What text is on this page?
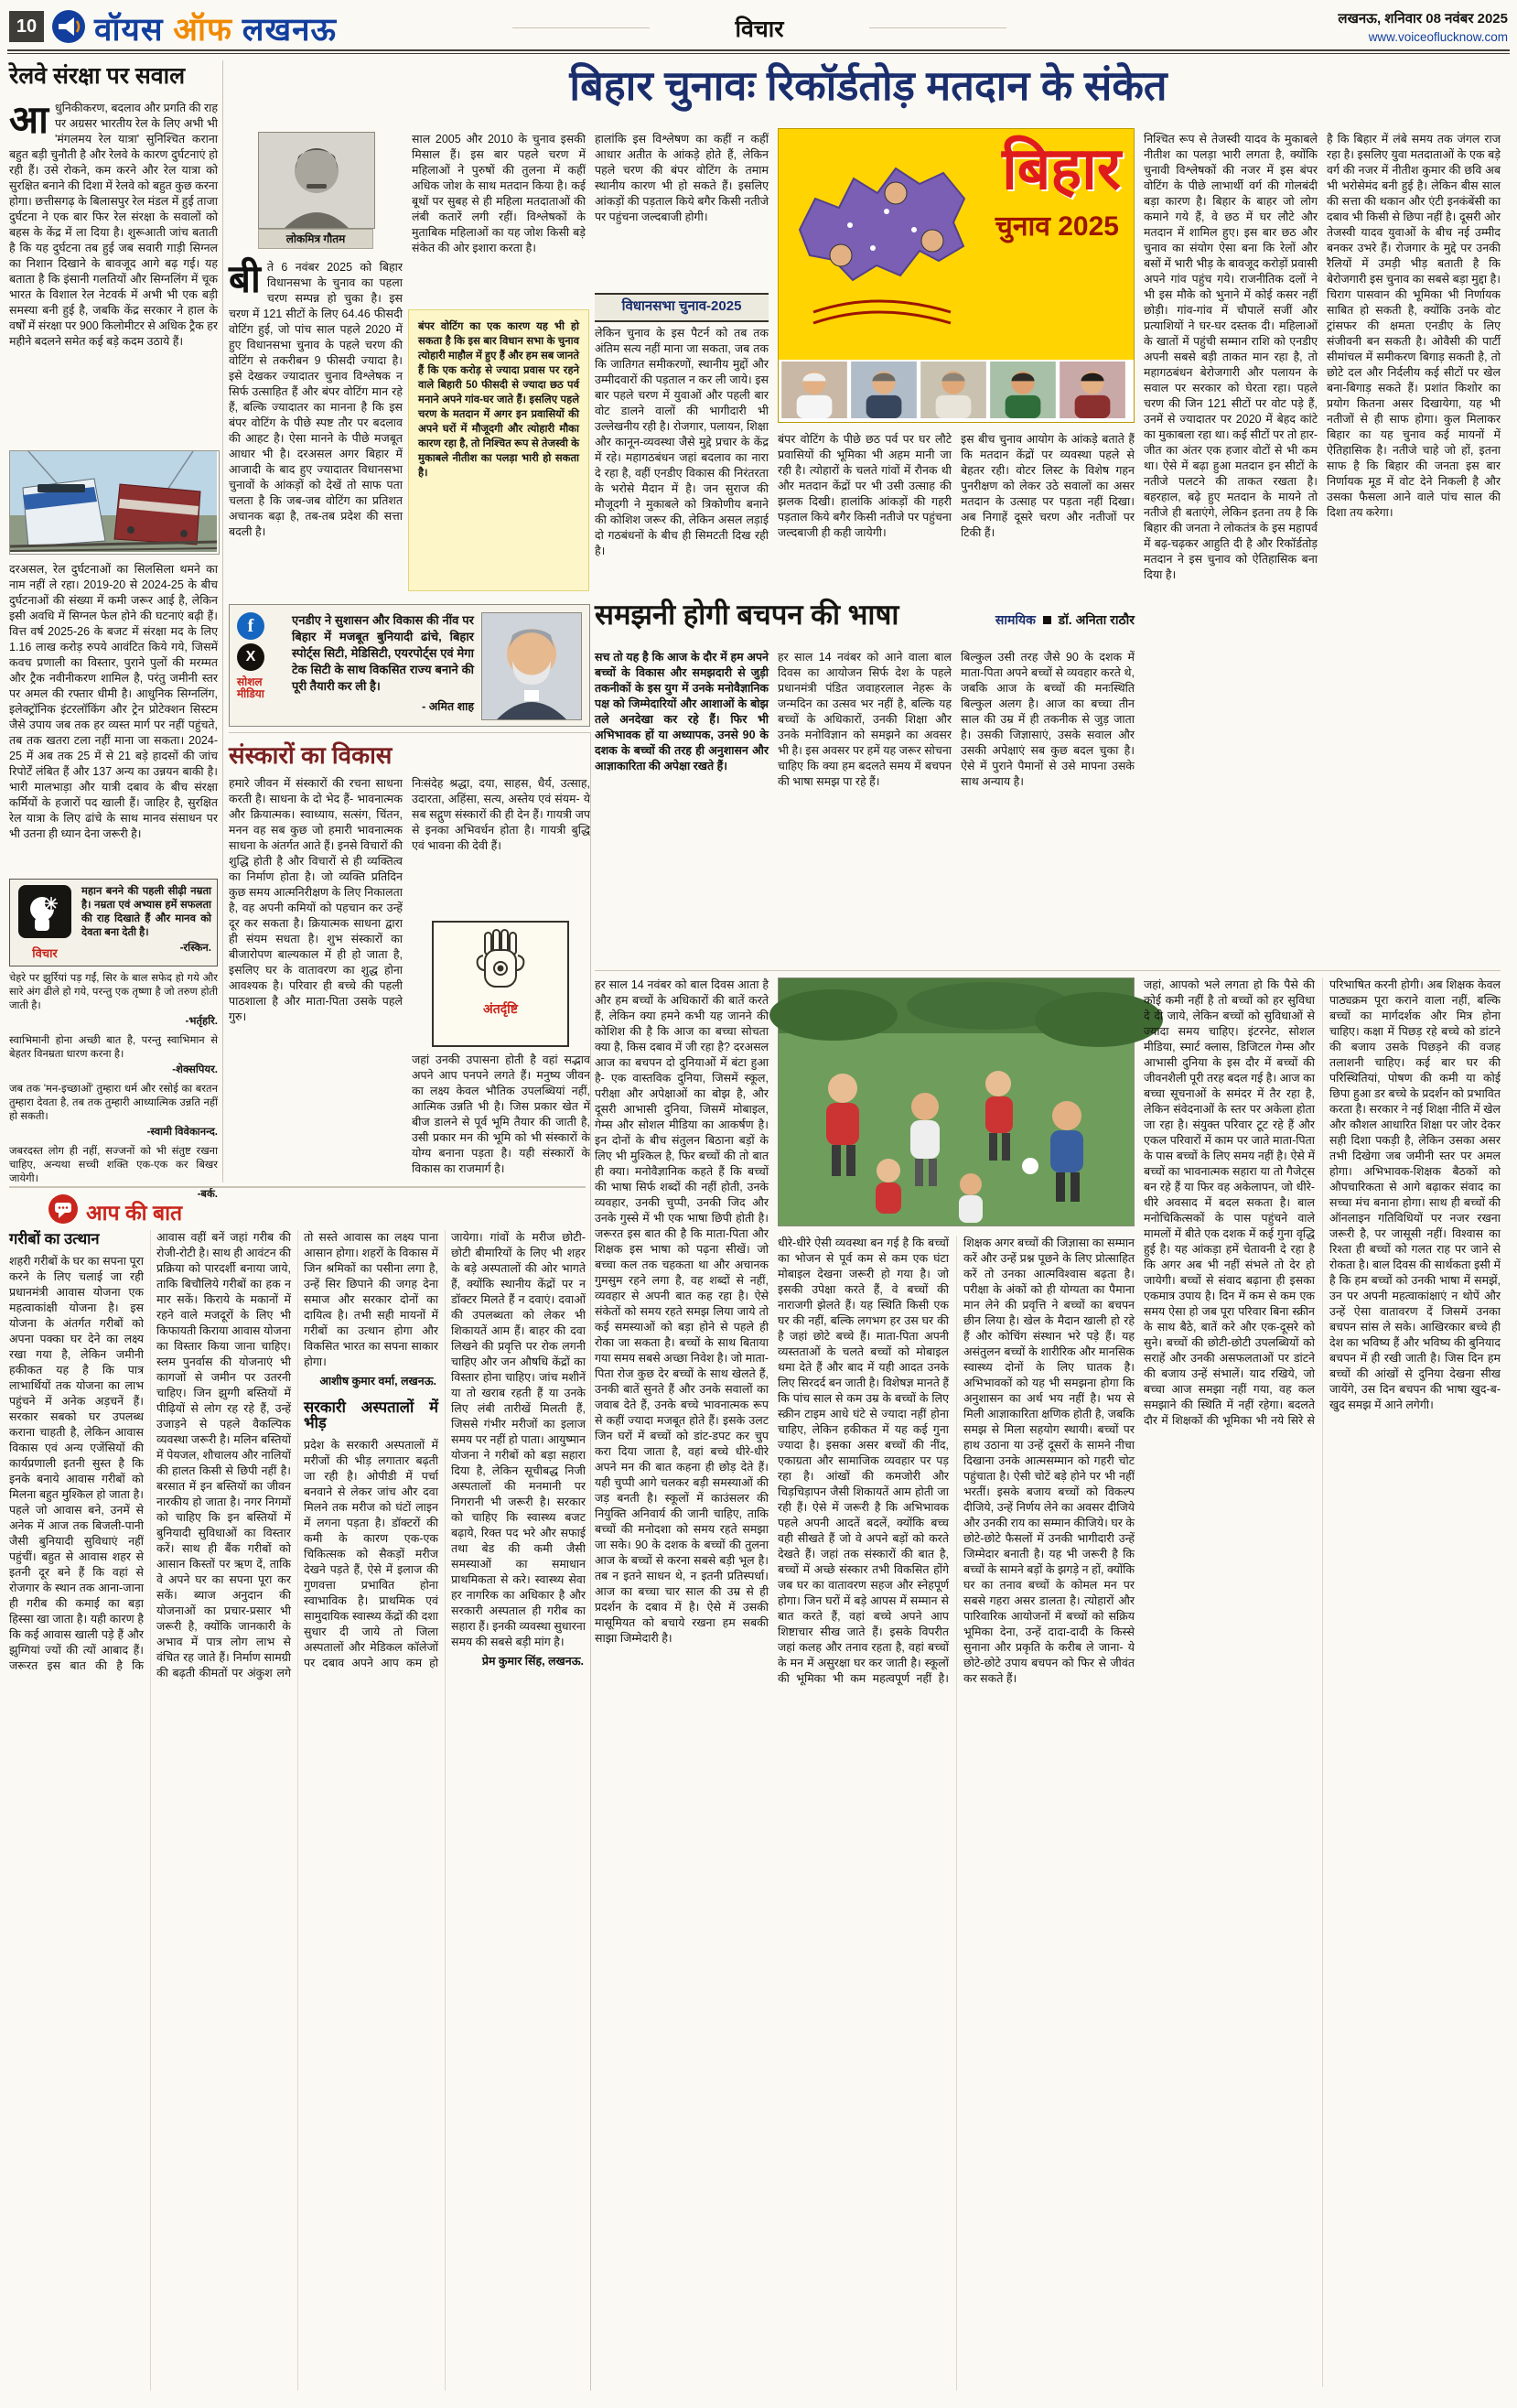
10 वॉयस ऑफ लखनऊ	विचार	लखनऊ, शनिवार 08 नवंबर 2025
www.voiceoflucknow.com
रेलवे संरक्षा पर सवाल
आधुनिकीकरण, बदलाव और प्रगति की राह पर अग्रसर भारतीय रेल के लिए अभी भी 'मंगलमय रेल यात्रा' सुनिश्चित कराना बहुत बड़ी चुनौती है और रेलवे के कारण दुर्घटनाएं हो रही हैं। उसे रोकने, कम करने और रेल यात्रा को सुरक्षित बनाने की दिशा में रेलवे को बहुत कुछ करना होगा। छत्तीसगढ़ के बिलासपुर रेल मंडल में हुई ताजा दुर्घटना ने एक बार फिर रेल संरक्षा के सवालों को बहस के केंद्र में ला दिया है। शुरूआती जांच बताती है कि यह दुर्घटना तब हुई जब सवारी गाड़ी सिग्नल का निशान दिखाने के बावजूद आगे बढ़ गई। यह बताता है कि इंसानी गलतियों और सिग्नलिंग में चूक भारत के विशाल रेल नेटवर्क में अभी भी एक बड़ी समस्या बनी हुई है, जबकि केंद्र सरकार ने हाल के वर्षों में संरक्षा पर 900 किलोमीटर से अधिक ट्रैक हर महीने बदलने समेत कई बड़े कदम उठाये हैं।
दरअसल, रेल दुर्घटनाओं का सिलसिला थमने का नाम नहीं ले रहा। 2019-20 से 2024-25 के बीच दुर्घटनाओं की संख्या में कमी जरूर आई है, लेकिन इसी अवधि में सिग्नल फेल होने की घटनाएं बढ़ी हैं। वित्त वर्ष 2025-26 के बजट में संरक्षा मद के लिए 1.16 लाख करोड़ रुपये आवंटित किये गये, जिसमें कवच प्रणाली का विस्तार, पुराने पुलों की मरम्मत और ट्रैक नवीनीकरण शामिल है, परंतु जमीनी स्तर पर अमल की रफ्तार धीमी है। आधुनिक सिग्नलिंग, इलेक्ट्रॉनिक इंटरलॉकिंग और ट्रेन प्रोटेक्शन सिस्टम जैसे उपाय जब तक हर व्यस्त मार्ग पर नहीं पहुंचते, तब तक खतरा टला नहीं माना जा सकता। 2024-25 में अब तक 25 में से 21 बड़े हादसों की जांच रिपोर्टें लंबित हैं और 137 अन्य का उन्नयन बाकी है। भारी मालभाड़ा और यात्री दबाव के बीच संरक्षा कर्मियों के हजारों पद खाली हैं। जाहिर है, सुरक्षित रेल यात्रा के लिए ढांचे के साथ मानव संसाधन पर भी उतना ही ध्यान देना जरूरी है।
विचार
महान बनने की पहली सीढ़ी नम्रता है। नम्रता एवं अभ्यास हमें सफलता की राह दिखाते हैं और मानव को देवता बना देती है।
-रस्किन.
चेहरे पर झुर्रियां पड़ गईं, सिर के बाल सफेद हो गये और सारे अंग ढीले हो गये, परन्तु एक तृष्णा है जो तरुण होती जाती है।
-भर्तृहरि.
स्वाभिमानी होना अच्छी बात है, परन्तु स्वाभिमान से बेहतर विनम्रता धारण करना है।
-शेक्सपियर.
जब तक 'मन-इच्छाओं' तुम्हारा धर्म और रसोई का बरतन तुम्हारा देवता है, तब तक तुम्हारी आध्यात्मिक उन्नति नहीं हो सकती।
-स्वामी विवेकानन्द.
जबरदस्त लोग ही नहीं, सज्जनों को भी संतुष्ट रखना चाहिए, अन्यथा सच्ची शक्ति एक-एक कर बिखर जायेगी।
-बर्क.
बिहार चुनावः रिकॉर्डतोड़ मतदान के संकेत
लोकमित्र गौतम
बीते 6 नवंबर 2025 को बिहार विधानसभा के चुनाव का पहला चरण सम्पन्न हो चुका है। इस चरण में 121 सीटों के लिए 64.46 फीसदी वोटिंग हुई, जो पांच साल पहले 2020 में हुए विधानसभा चुनाव के पहले चरण की वोटिंग से तकरीबन 9 फीसदी ज्यादा है। इसे देखकर ज्यादातर चुनाव विश्लेषक न सिर्फ उत्साहित हैं और बंपर वोटिंग मान रहे हैं, बल्कि ज्यादातर का मानना है कि इस बंपर वोटिंग के पीछे स्पष्ट तौर पर बदलाव की आहट है। ऐसा मानने के पीछे मजबूत आधार भी है। दरअसल अगर बिहार में आजादी के बाद हुए ज्यादातर विधानसभा चुनावों के आंकड़ों को देखें तो साफ पता चलता है कि जब-जब वोटिंग का प्रतिशत अचानक बढ़ा है, तब-तब प्रदेश की सत्ता बदली है।
साल 2005 और 2010 के चुनाव इसकी मिसाल हैं। इस बार पहले चरण में महिलाओं ने पुरुषों की तुलना में कहीं अधिक जोश के साथ मतदान किया है। कई बूथों पर सुबह से ही महिला मतदाताओं की लंबी कतारें लगी रहीं। विश्लेषकों के मुताबिक महिलाओं का यह जोश किसी बड़े संकेत की ओर इशारा करता है।
बंपर वोटिंग का एक कारण यह भी हो सकता है कि इस बार विधान सभा के चुनाव त्योहारी माहौल में हुए हैं और हम सब जानते हैं कि एक करोड़ से ज्यादा प्रवास पर रहने वाले बिहारी 50 फीसदी से ज्यादा छठ पर्व मनाने अपने गांव-घर जाते हैं। इसलिए पहले चरण के मतदान में अगर इन प्रवासियों की अपने घरों में मौजूदगी और त्योहारी मौका कारण रहा है, तो निश्चित रूप से तेजस्वी के मुकाबले नीतीश का पलड़ा भारी हो सकता है।
हालांकि इस विश्लेषण का कहीं न कहीं आधार अतीत के आंकड़े होते हैं, लेकिन पहले चरण की बंपर वोटिंग के तमाम स्थानीय कारण भी हो सकते हैं। इसलिए आंकड़ों की पड़ताल किये बगैर किसी नतीजे पर पहुंचना जल्दबाजी होगी।
विधानसभा चुनाव-2025
लेकिन चुनाव के इस पैटर्न को तब तक अंतिम सत्य नहीं माना जा सकता, जब तक कि जातिगत समीकरणों, स्थानीय मुद्दों और उम्मीदवारों की पड़ताल न कर ली जाये। इस बार पहले चरण में युवाओं और पहली बार वोट डालने वालों की भागीदारी भी उल्लेखनीय रही है। रोजगार, पलायन, शिक्षा और कानून-व्यवस्था जैसे मुद्दे प्रचार के केंद्र में रहे। महागठबंधन जहां बदलाव का नारा दे रहा है, वहीं एनडीए विकास की निरंतरता के भरोसे मैदान में है। जन सुराज की मौजूदगी ने मुकाबले को त्रिकोणीय बनाने की कोशिश जरूर की, लेकिन असल लड़ाई दो गठबंधनों के बीच ही सिमटती दिख रही है।
बिहार
चुनाव 2025
बंपर वोटिंग के पीछे छठ पर्व पर घर लौटे प्रवासियों की भूमिका भी अहम मानी जा रही है। त्योहारों के चलते गांवों में रौनक थी और मतदान केंद्रों पर भी उसी उत्साह की झलक दिखी। हालांकि आंकड़ों की गहरी पड़ताल किये बगैर किसी नतीजे पर पहुंचना जल्दबाजी ही कही जायेगी।
इस बीच चुनाव आयोग के आंकड़े बताते हैं कि मतदान केंद्रों पर व्यवस्था पहले से बेहतर रही। वोटर लिस्ट के विशेष गहन पुनरीक्षण को लेकर उठे सवालों का असर मतदान के उत्साह पर पड़ता नहीं दिखा। अब निगाहें दूसरे चरण और नतीजों पर टिकी हैं।
निश्चित रूप से तेजस्वी यादव के मुकाबले नीतीश का पलड़ा भारी लगता है, क्योंकि चुनावी विश्लेषकों की नजर में इस बंपर वोटिंग के पीछे लाभार्थी वर्ग की गोलबंदी बड़ा कारण है। बिहार के बाहर जो लोग कमाने गये हैं, वे छठ में घर लौटे और मतदान में शामिल हुए। इस बार छठ और चुनाव का संयोग ऐसा बना कि रेलों और बसों में भारी भीड़ के बावजूद करोड़ों प्रवासी अपने गांव पहुंच गये। राजनीतिक दलों ने भी इस मौके को भुनाने में कोई कसर नहीं छोड़ी। गांव-गांव में चौपालें सजीं और प्रत्याशियों ने घर-घर दस्तक दी। महिलाओं के खातों में पहुंची सम्मान राशि को एनडीए अपनी सबसे बड़ी ताकत मान रहा है, तो महागठबंधन बेरोजगारी और पलायन के सवाल पर सरकार को घेरता रहा। पहले चरण की जिन 121 सीटों पर वोट पड़े हैं, उनमें से ज्यादातर पर 2020 में बेहद कांटे का मुकाबला रहा था। कई सीटों पर तो हार-जीत का अंतर एक हजार वोटों से भी कम था। ऐसे में बढ़ा हुआ मतदान इन सीटों के नतीजे पलटने की ताकत रखता है। बहरहाल, बढ़े हुए मतदान के मायने तो नतीजे ही बताएंगे, लेकिन इतना तय है कि बिहार की जनता ने लोकतंत्र के इस महापर्व में बढ़-चढ़कर आहुति दी है और रिकॉर्डतोड़ मतदान ने इस चुनाव को ऐतिहासिक बना दिया है।
है कि बिहार में लंबे समय तक जंगल राज रहा है। इसलिए युवा मतदाताओं के एक बड़े वर्ग की नजर में नीतीश कुमार की छवि अब भी भरोसेमंद बनी हुई है। लेकिन बीस साल की सत्ता की थकान और एंटी इनकंबेंसी का दबाव भी किसी से छिपा नहीं है। दूसरी ओर तेजस्वी यादव युवाओं के बीच नई उम्मीद बनकर उभरे हैं। रोजगार के मुद्दे पर उनकी रैलियों में उमड़ी भीड़ बताती है कि बेरोजगारी इस चुनाव का सबसे बड़ा मुद्दा है। चिराग पासवान की भूमिका भी निर्णायक साबित हो सकती है, क्योंकि उनके वोट ट्रांसफर की क्षमता एनडीए के लिए संजीवनी बन सकती है। ओवैसी की पार्टी सीमांचल में समीकरण बिगाड़ सकती है, तो छोटे दल और निर्दलीय कई सीटों पर खेल बना-बिगाड़ सकते हैं। प्रशांत किशोर का प्रयोग कितना असर दिखायेगा, यह भी नतीजों से ही साफ होगा। कुल मिलाकर बिहार का यह चुनाव कई मायनों में ऐतिहासिक है। नतीजे चाहे जो हों, इतना साफ है कि बिहार की जनता इस बार निर्णायक मूड में वोट देने निकली है और उसका फैसला आने वाले पांच साल की दिशा तय करेगा।
f
X
सोशल
मीडिया
एनडीए ने सुशासन और विकास की नींव पर बिहार में मजबूत बुनियादी ढांचे, बिहार स्पोर्ट्स सिटी, मेडिसिटी, एयरपोर्ट्स एवं मेगा टेक सिटी के साथ विकसित राज्य बनाने की पूरी तैयारी कर ली है।
- अमित शाह
समझनी होगी बचपन की भाषा	सामयिक डॉ. अनिता राठौर
सच तो यह है कि आज के दौर में हम अपने बच्चों के विकास और समझदारी से जुड़ी तकनीकों के इस युग में उनके मनोवैज्ञानिक पक्ष को जिम्मेदारियों और आशाओं के बोझ तले अनदेखा कर रहे हैं। फिर भी अभिभावक हों या अध्यापक, उनसे 90 के दशक के बच्चों की तरह ही अनुशासन और आज्ञाकारिता की अपेक्षा रखते हैं।
हर साल 14 नवंबर को आने वाला बाल दिवस का आयोजन सिर्फ देश के पहले प्रधानमंत्री पंडित जवाहरलाल नेहरू के जन्मदिन का उत्सव भर नहीं है, बल्कि यह बच्चों के अधिकारों, उनकी शिक्षा और उनके मनोविज्ञान को समझने का अवसर भी है। इस अवसर पर हमें यह जरूर सोचना चाहिए कि क्या हम बदलते समय में बचपन की भाषा समझ पा रहे हैं।
बिल्कुल उसी तरह जैसे 90 के दशक में माता-पिता अपने बच्चों से व्यवहार करते थे, जबकि आज के बच्चों की मनःस्थिति बिल्कुल अलग है। आज का बच्चा तीन साल की उम्र में ही तकनीक से जुड़ जाता है। उसकी जिज्ञासाएं, उसके सवाल और उसकी अपेक्षाएं सब कुछ बदल चुका है। ऐसे में पुराने पैमानों से उसे मापना उसके साथ अन्याय है।
हर साल 14 नवंबर को बाल दिवस आता है और हम बच्चों के अधिकारों की बातें करते हैं, लेकिन क्या हमने कभी यह जानने की कोशिश की है कि आज का बच्चा सोचता क्या है, किस दबाव में जी रहा है? दरअसल आज का बचपन दो दुनियाओं में बंटा हुआ है- एक वास्तविक दुनिया, जिसमें स्कूल, परीक्षा और अपेक्षाओं का बोझ है, और दूसरी आभासी दुनिया, जिसमें मोबाइल, गेम्स और सोशल मीडिया का आकर्षण है। इन दोनों के बीच संतुलन बिठाना बड़ों के लिए भी मुश्किल है, फिर बच्चों की तो बात ही क्या। मनोवैज्ञानिक कहते हैं कि बच्चों की भाषा सिर्फ शब्दों की नहीं होती, उनके व्यवहार, उनकी चुप्पी, उनकी जिद और उनके गुस्से में भी एक भाषा छिपी होती है। जरूरत इस बात की है कि माता-पिता और शिक्षक इस भाषा को पढ़ना सीखें। जो बच्चा कल तक चहकता था और अचानक गुमसुम रहने लगा है, वह शब्दों से नहीं, व्यवहार से अपनी बात कह रहा है। ऐसे संकेतों को समय रहते समझ लिया जाये तो कई समस्याओं को बड़ा होने से पहले ही रोका जा सकता है। बच्चों के साथ बिताया गया समय सबसे अच्छा निवेश है। जो माता-पिता रोज कुछ देर बच्चों के साथ खेलते हैं, उनकी बातें सुनते हैं और उनके सवालों का जवाब देते हैं, उनके बच्चे भावनात्मक रूप से कहीं ज्यादा मजबूत होते हैं। इसके उलट जिन घरों में बच्चों को डांट-डपट कर चुप करा दिया जाता है, वहां बच्चे धीरे-धीरे अपने मन की बात कहना ही छोड़ देते हैं। यही चुप्पी आगे चलकर बड़ी समस्याओं की जड़ बनती है। स्कूलों में काउंसलर की नियुक्ति अनिवार्य की जानी चाहिए, ताकि बच्चों की मनोदशा को समय रहते समझा जा सके। 90 के दशक के बच्चों की तुलना आज के बच्चों से करना सबसे बड़ी भूल है। तब न इतने साधन थे, न इतनी प्रतिस्पर्धा। आज का बच्चा चार साल की उम्र से ही प्रदर्शन के दबाव में है। ऐसे में उसकी मासूमियत को बचाये रखना हम सबकी साझा जिम्मेदारी है।
धीरे-धीरे ऐसी व्यवस्था बन गई है कि बच्चों का भोजन से पूर्व कम से कम एक घंटा मोबाइल देखना जरूरी हो गया है। जो इसकी उपेक्षा करते हैं, वे बच्चों की नाराजगी झेलते हैं। यह स्थिति किसी एक घर की नहीं, बल्कि लगभग हर उस घर की है जहां छोटे बच्चे हैं। माता-पिता अपनी व्यस्तताओं के चलते बच्चों को मोबाइल थमा देते हैं और बाद में यही आदत उनके लिए सिरदर्द बन जाती है। विशेषज्ञ मानते हैं कि पांच साल से कम उम्र के बच्चों के लिए स्क्रीन टाइम आधे घंटे से ज्यादा नहीं होना चाहिए, लेकिन हकीकत में यह कई गुना ज्यादा है। इसका असर बच्चों की नींद, एकाग्रता और सामाजिक व्यवहार पर पड़ रहा है। आंखों की कमजोरी और चिड़चिड़ापन जैसी शिकायतें आम होती जा रही हैं। ऐसे में जरूरी है कि अभिभावक पहले अपनी आदतें बदलें, क्योंकि बच्च वही सीखते हैं जो वे अपने बड़ों को करते देखते हैं। जहां तक संस्कारों की बात है, बच्चों में अच्छे संस्कार तभी विकसित होंगे जब घर का वातावरण सहज और स्नेहपूर्ण होगा। जिन घरों में बड़े आपस में सम्मान से बात करते हैं, वहां बच्चे अपने आप शिष्टाचार सीख जाते हैं। इसके विपरीत जहां कलह और तनाव रहता है, वहां बच्चों के मन में असुरक्षा घर कर जाती है। स्कूलों की भूमिका भी कम महत्वपूर्ण नहीं है। शिक्षक अगर बच्चों की जिज्ञासा का सम्मान करें और उन्हें प्रश्न पूछने के लिए प्रोत्साहित करें तो उनका आत्मविश्वास बढ़ता है। परीक्षा के अंकों को ही योग्यता का पैमाना मान लेने की प्रवृत्ति ने बच्चों का बचपन छीन लिया है। खेल के मैदान खाली हो रहे हैं और कोचिंग संस्थान भरे पड़े हैं। यह असंतुलन बच्चों के शारीरिक और मानसिक स्वास्थ्य दोनों के लिए घातक है। अभिभावकों को यह भी समझना होगा कि अनुशासन का अर्थ भय नहीं है। भय से मिली आज्ञाकारिता क्षणिक होती है, जबकि समझ से मिला सहयोग स्थायी। बच्चों पर हाथ उठाना या उन्हें दूसरों के सामने नीचा दिखाना उनके आत्मसम्मान को गहरी चोट पहुंचाता है। ऐसी चोटें बड़े होने पर भी नहीं भरतीं। इसके बजाय बच्चों को विकल्प दीजिये, उन्हें निर्णय लेने का अवसर दीजिये और उनकी राय का सम्मान कीजिये। घर के छोटे-छोटे फैसलों में उनकी भागीदारी उन्हें जिम्मेदार बनाती है। यह भी जरूरी है कि बच्चों के सामने बड़ों के झगड़े न हों, क्योंकि घर का तनाव बच्चों के कोमल मन पर सबसे गहरा असर डालता है। त्योहारों और पारिवारिक आयोजनों में बच्चों को सक्रिय भूमिका देना, उन्हें दादा-दादी के किस्से सुनाना और प्रकृति के करीब ले जाना- ये छोटे-छोटे उपाय बचपन को फिर से जीवंत कर सकते हैं।
जहां, आपको भले लगता हो कि पैसे की कोई कमी नहीं है तो बच्चों को हर सुविधा दे दी जाये, लेकिन बच्चों को सुविधाओं से ज्यादा समय चाहिए। इंटरनेट, सोशल मीडिया, स्मार्ट क्लास, डिजिटल गेम्स और आभासी दुनिया के इस दौर में बच्चों की जीवनशैली पूरी तरह बदल गई है। आज का बच्चा सूचनाओं के समंदर में तैर रहा है, लेकिन संवेदनाओं के स्तर पर अकेला होता जा रहा है। संयुक्त परिवार टूट रहे हैं और एकल परिवारों में काम पर जाते माता-पिता के पास बच्चों के लिए समय नहीं है। ऐसे में बच्चों का भावनात्मक सहारा या तो गैजेट्स बन रहे हैं या फिर वह अकेलापन, जो धीरे-धीरे अवसाद में बदल सकता है। बाल मनोचिकित्सकों के पास पहुंचने वाले मामलों में बीते एक दशक में कई गुना वृद्धि हुई है। यह आंकड़ा हमें चेतावनी दे रहा है कि अगर अब भी नहीं संभले तो देर हो जायेगी। बच्चों से संवाद बढ़ाना ही इसका एकमात्र उपाय है। दिन में कम से कम एक समय ऐसा हो जब पूरा परिवार बिना स्क्रीन के साथ बैठे, बातें करे और एक-दूसरे को सुने। बच्चों की छोटी-छोटी उपलब्धियों को सराहें और उनकी असफलताओं पर डांटने की बजाय उन्हें संभालें। याद रखिये, जो बच्चा आज समझा नहीं गया, वह कल समझाने की स्थिति में नहीं रहेगा। बदलते दौर में शिक्षकों की भूमिका भी नये सिरे से परिभाषित करनी होगी। अब शिक्षक केवल पाठ्यक्रम पूरा कराने वाला नहीं, बल्कि बच्चों का मार्गदर्शक और मित्र होना चाहिए। कक्षा में पिछड़ रहे बच्चे को डांटने की बजाय उसके पिछड़ने की वजह तलाशनी चाहिए। कई बार घर की परिस्थितियां, पोषण की कमी या कोई छिपा हुआ डर बच्चे के प्रदर्शन को प्रभावित करता है। सरकार ने नई शिक्षा नीति में खेल और कौशल आधारित शिक्षा पर जोर देकर सही दिशा पकड़ी है, लेकिन उसका असर तभी दिखेगा जब जमीनी स्तर पर अमल होगा। अभिभावक-शिक्षक बैठकों को औपचारिकता से आगे बढ़ाकर संवाद का सच्चा मंच बनाना होगा। साथ ही बच्चों की ऑनलाइन गतिविधियों पर नजर रखना जरूरी है, पर जासूसी नहीं। विश्वास का रिश्ता ही बच्चों को गलत राह पर जाने से रोकता है। बाल दिवस की सार्थकता इसी में है कि हम बच्चों को उनकी भाषा में समझें, उन पर अपनी महत्वाकांक्षाएं न थोपें और उन्हें ऐसा वातावरण दें जिसमें उनका बचपन सांस ले सके। आखिरकार बच्चे ही देश का भविष्य हैं और भविष्य की बुनियाद बचपन में ही रखी जाती है। जिस दिन हम बच्चों की आंखों से दुनिया देखना सीख जायेंगे, उस दिन बचपन की भाषा खुद-ब-खुद समझ में आने लगेगी।
संस्कारों का विकास
हमारे जीवन में संस्कारों की रचना साधना करती है। साधना के दो भेद हैं- भावनात्मक और क्रियात्मक। स्वाध्याय, सत्संग, चिंतन, मनन वह सब कुछ जो हमारी भावनात्मक साधना के अंतर्गत आते हैं। इनसे विचारों की शुद्धि होती है और विचारों से ही व्यक्तित्व का निर्माण होता है। जो व्यक्ति प्रतिदिन कुछ समय आत्मनिरीक्षण के लिए निकालता है, वह अपनी कमियों को पहचान कर उन्हें दूर कर सकता है। क्रियात्मक साधना द्वारा ही संयम सधता है। शुभ संस्कारों का बीजारोपण बाल्यकाल में ही हो जाता है, इसलिए घर के वातावरण का शुद्ध होना आवश्यक है। परिवार ही बच्चे की पहली पाठशाला है और माता-पिता उसके पहले गुरु।
निःसंदेह श्रद्धा, दया, साहस, धैर्य, उत्साह, उदारता, अहिंसा, सत्य, अस्तेय एवं संयम- ये सब सद्गुण संस्कारों की ही देन हैं। गायत्री जप से इनका अभिवर्धन होता है। गायत्री बुद्धि एवं भावना की देवी हैं।
अंतर्दृष्टि
जहां उनकी उपासना होती है वहां सद्भाव अपने आप पनपने लगते हैं। मनुष्य जीवन का लक्ष्य केवल भौतिक उपलब्धियां नहीं, आत्मिक उन्नति भी है। जिस प्रकार खेत में बीज डालने से पूर्व भूमि तैयार की जाती है, उसी प्रकार मन की भूमि को भी संस्कारों के योग्य बनाना पड़ता है। यही संस्कारों के विकास का राजमार्ग है।
आप की बात
गरीबों का उत्थान
शहरी गरीबों के घर का सपना पूरा करने के लिए चलाई जा रही प्रधानमंत्री आवास योजना एक महत्वाकांक्षी योजना है। इस योजना के अंतर्गत गरीबों को अपना पक्का घर देने का लक्ष्य रखा गया है, लेकिन जमीनी हकीकत यह है कि पात्र लाभार्थियों तक योजना का लाभ पहुंचने में अनेक अड़चनें हैं। सरकार सबको घर उपलब्ध कराना चाहती है, लेकिन आवास विकास एवं अन्य एजेंसियों की कार्यप्रणाली इतनी सुस्त है कि इनके बनाये आवास गरीबों को मिलना बहुत मुश्किल हो जाता है। पहले जो आवास बने, उनमें से अनेक में आज तक बिजली-पानी जैसी बुनियादी सुविधाएं नहीं पहुंचीं। बहुत से आवास शहर से इतनी दूर बने हैं कि वहां से रोजगार के स्थान तक आना-जाना ही गरीब की कमाई का बड़ा हिस्सा खा जाता है। यही कारण है कि कई आवास खाली पड़े हैं और झुग्गियां ज्यों की त्यों आबाद हैं। जरूरत इस बात की है कि आवास वहीं बनें जहां गरीब की रोजी-रोटी है। साथ ही आवंटन की प्रक्रिया को पारदर्शी बनाया जाये, ताकि बिचौलिये गरीबों का हक न मार सकें। किराये के मकानों में रहने वाले मजदूरों के लिए भी किफायती किराया आवास योजना का विस्तार किया जाना चाहिए। स्लम पुनर्वास की योजनाएं भी कागजों से जमीन पर उतरनी चाहिए। जिन झुग्गी बस्तियों में पीढ़ियों से लोग रह रहे हैं, उन्हें उजाड़ने से पहले वैकल्पिक व्यवस्था जरूरी है। मलिन बस्तियों में पेयजल, शौचालय और नालियों की हालत किसी से छिपी नहीं है। बरसात में इन बस्तियों का जीवन नारकीय हो जाता है। नगर निगमों को चाहिए कि इन बस्तियों में बुनियादी सुविधाओं का विस्तार करें। साथ ही बैंक गरीबों को आसान किस्तों पर ऋण दें, ताकि वे अपने घर का सपना पूरा कर सकें। ब्याज अनुदान की योजनाओं का प्रचार-प्रसार भी जरूरी है, क्योंकि जानकारी के अभाव में पात्र लोग लाभ से वंचित रह जाते हैं। निर्माण सामग्री की बढ़ती कीमतों पर अंकुश लगे तो सस्ते आवास का लक्ष्य पाना आसान होगा। शहरों के विकास में जिन श्रमिकों का पसीना लगा है, उन्हें सिर छिपाने की जगह देना समाज और सरकार दोनों का दायित्व है। तभी सही मायनों में गरीबों का उत्थान होगा और विकसित भारत का सपना साकार होगा।
आशीष कुमार वर्मा, लखनऊ.
सरकारी अस्पतालों में भीड़
प्रदेश के सरकारी अस्पतालों में मरीजों की भीड़ लगातार बढ़ती जा रही है। ओपीडी में पर्चा बनवाने से लेकर जांच और दवा मिलने तक मरीज को घंटों लाइन में लगना पड़ता है। डॉक्टरों की कमी के कारण एक-एक चिकित्सक को सैकड़ों मरीज देखने पड़ते हैं, ऐसे में इलाज की गुणवत्ता प्रभावित होना स्वाभाविक है। प्राथमिक एवं सामुदायिक स्वास्थ्य केंद्रों की दशा सुधार दी जाये तो जिला अस्पतालों और मेडिकल कॉलेजों पर दबाव अपने आप कम हो जायेगा। गांवों के मरीज छोटी-छोटी बीमारियों के लिए भी शहर के बड़े अस्पतालों की ओर भागते हैं, क्योंकि स्थानीय केंद्रों पर न डॉक्टर मिलते हैं न दवाएं। दवाओं की उपलब्धता को लेकर भी शिकायतें आम हैं। बाहर की दवा लिखने की प्रवृत्ति पर रोक लगनी चाहिए और जन औषधि केंद्रों का विस्तार होना चाहिए। जांच मशीनें या तो खराब रहती हैं या उनके लिए लंबी तारीखें मिलती हैं, जिससे गंभीर मरीजों का इलाज समय पर नहीं हो पाता। आयुष्मान योजना ने गरीबों को बड़ा सहारा दिया है, लेकिन सूचीबद्ध निजी अस्पतालों की मनमानी पर निगरानी भी जरूरी है। सरकार को चाहिए कि स्वास्थ्य बजट बढ़ाये, रिक्त पद भरे और सफाई तथा बेड की कमी जैसी समस्याओं का समाधान प्राथमिकता से करे। स्वास्थ्य सेवा हर नागरिक का अधिकार है और सरकारी अस्पताल ही गरीब का सहारा हैं। इनकी व्यवस्था सुधारना समय की सबसे बड़ी मांग है।
प्रेम कुमार सिंह, लखनऊ.
